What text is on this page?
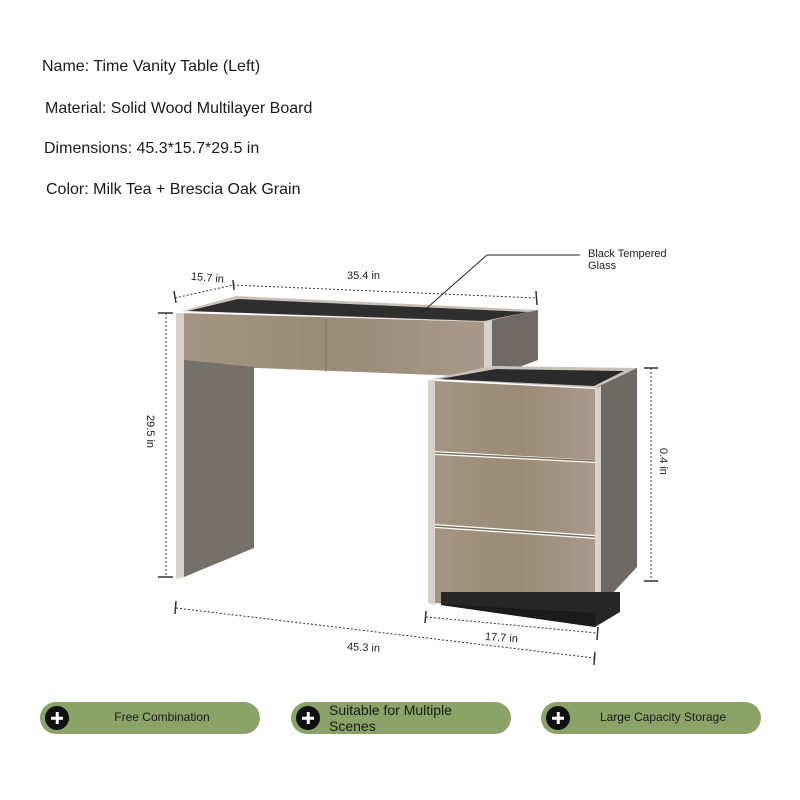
Name: Time Vanity Table (Left)
Material: Solid Wood Multilayer Board
Dimensions: 45.3*15.7*29.5 in
Color: Milk Tea + Brescia Oak Grain
Black Tempered
Glass
15.7 in	35.4 in
29.5 in
0.4 in
45.3 in
17.7 in
Free Combination	Suitable for Multiple Scenes
Large Capacity Storage
